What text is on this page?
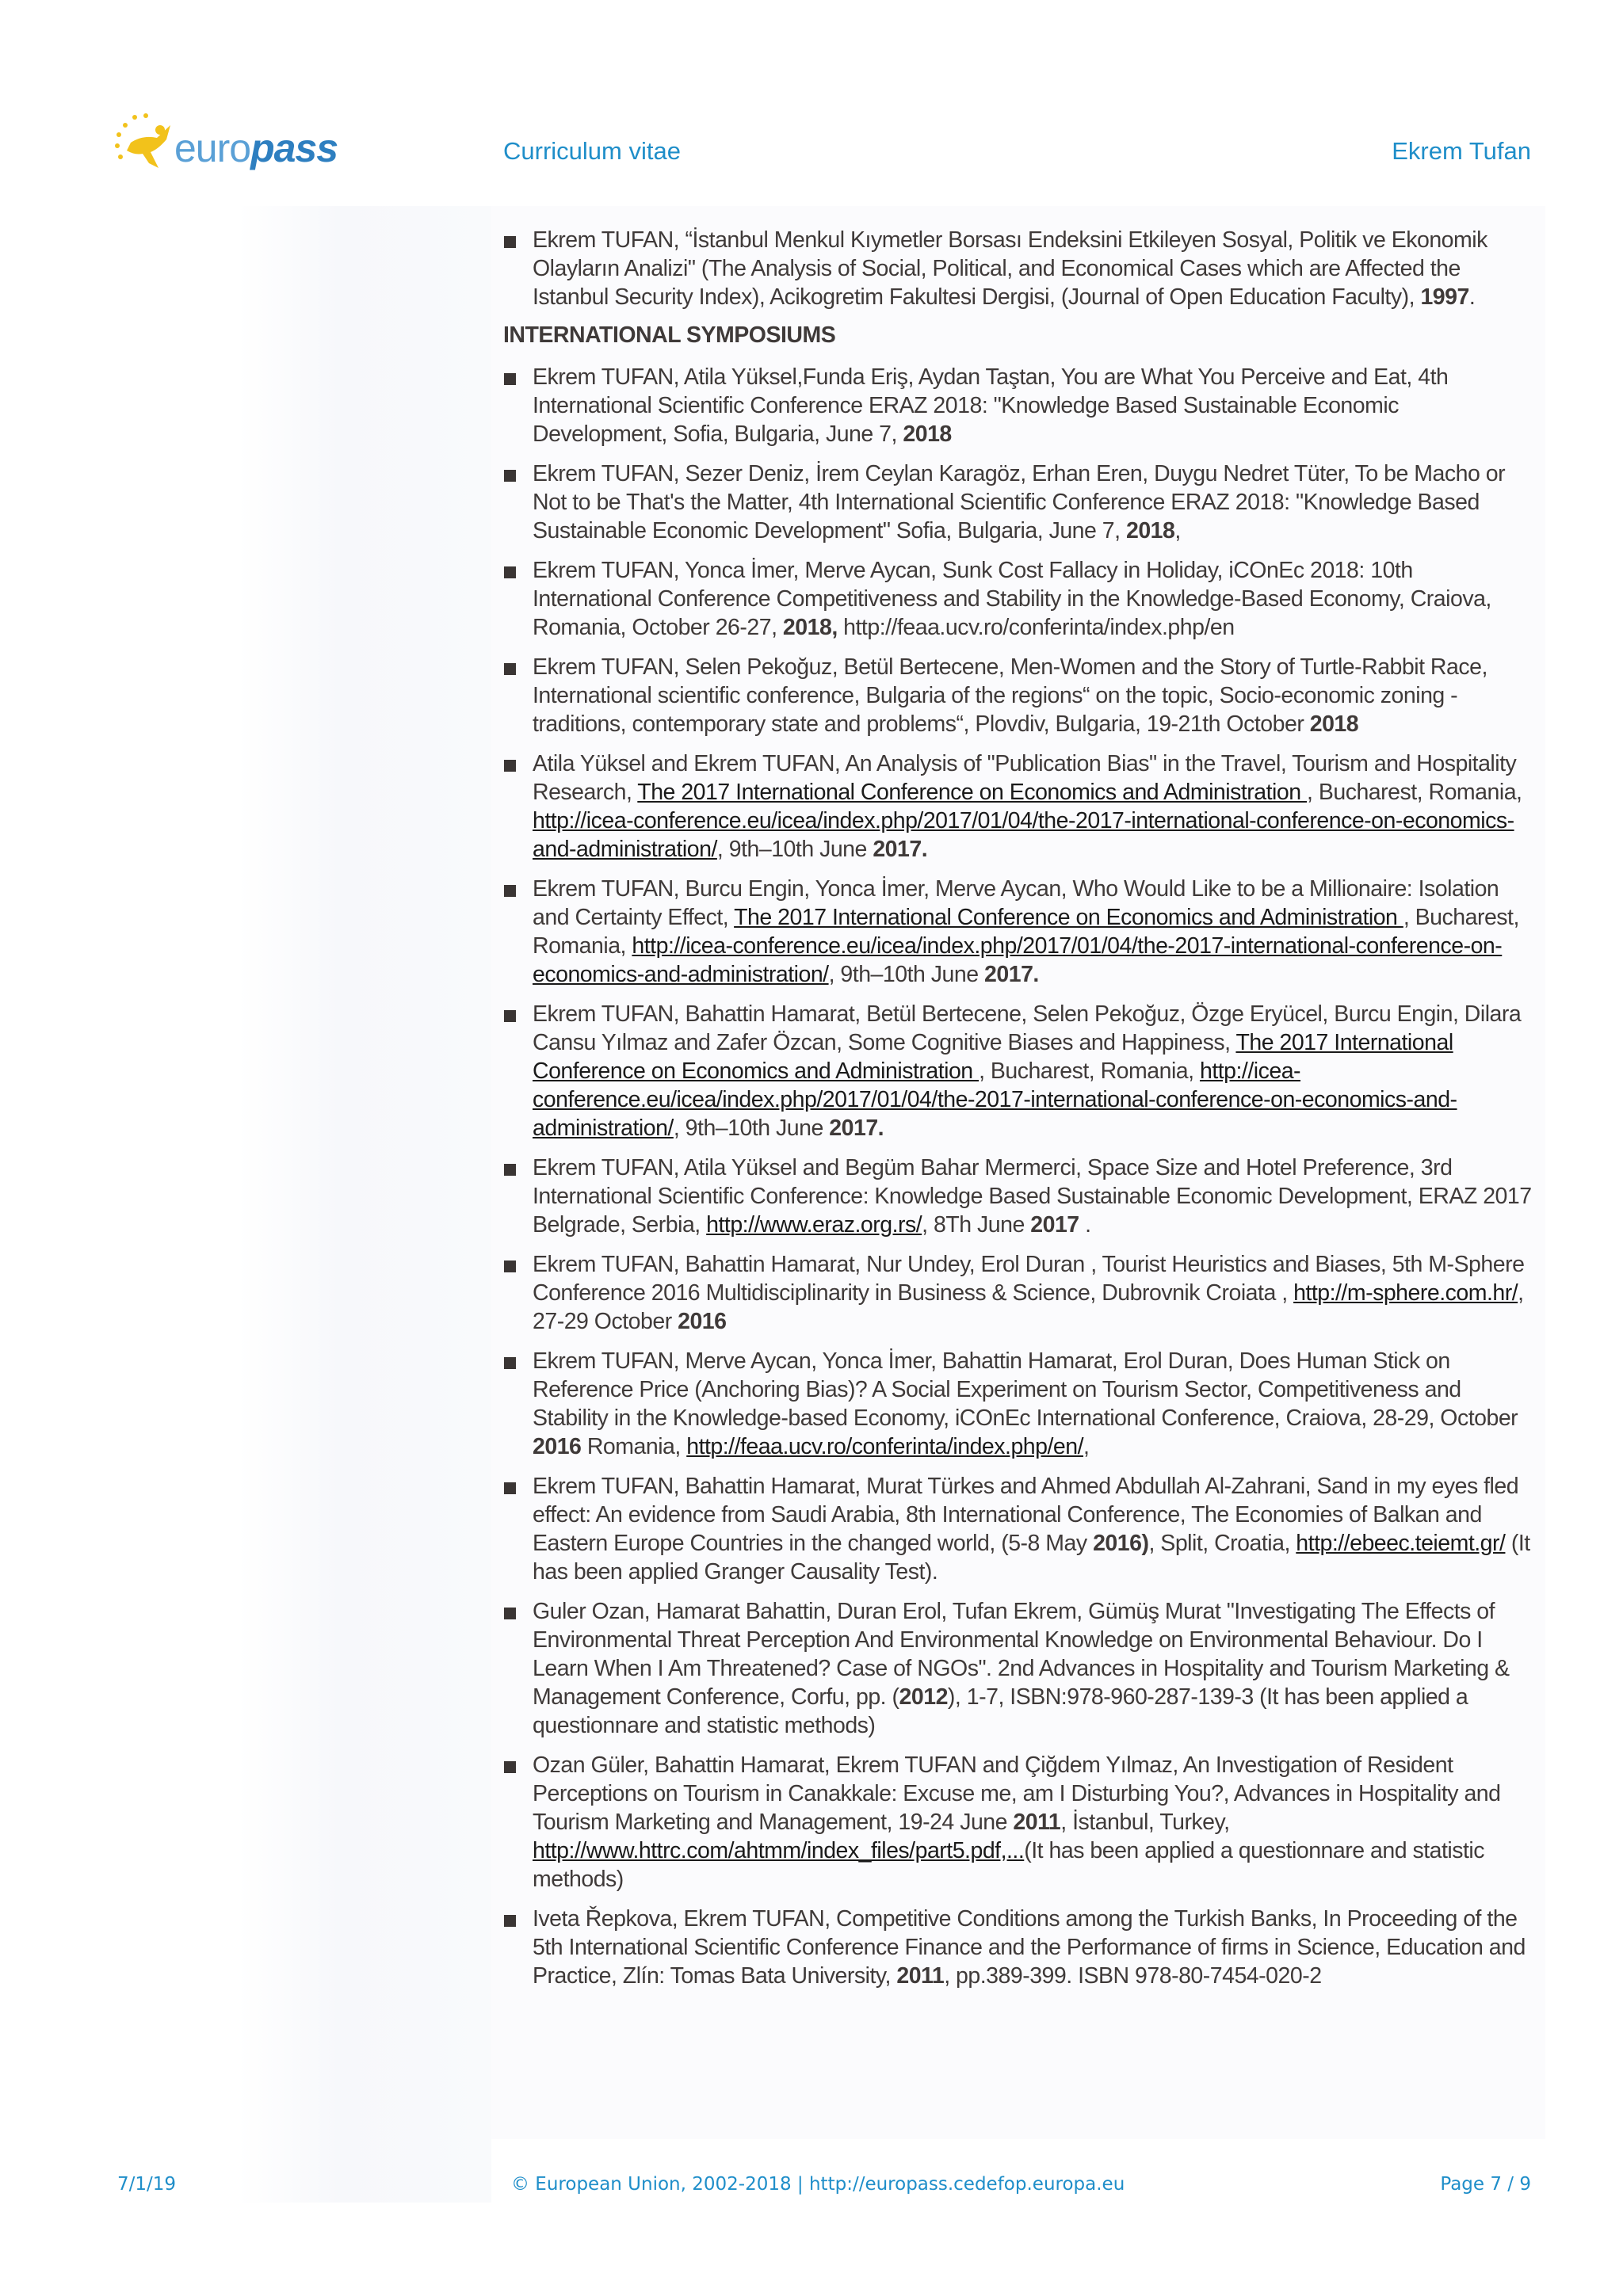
europass	Curriculum vitae	Ekrem Tufan
Ekrem TUFAN, “İstanbul Menkul Kıymetler Borsası Endeksini Etkileyen Sosyal, Politik ve Ekonomik Olayların Analizi" (The Analysis of Social, Political, and Economical Cases which are Affected the Istanbul Security Index), Acikogretim Fakultesi Dergisi, (Journal of Open Education Faculty), 1997.
INTERNATIONAL SYMPOSIUMS
Ekrem TUFAN, Atila Yüksel,Funda Eriş, Aydan Taştan, You are What You Perceive and Eat, 4th International Scientific Conference ERAZ 2018: "Knowledge Based Sustainable Economic Development, Sofia, Bulgaria, June 7, 2018
Ekrem TUFAN, Sezer Deniz, İrem Ceylan Karagöz, Erhan Eren, Duygu Nedret Tüter, To be Macho or Not to be That's the Matter, 4th International Scientific Conference ERAZ 2018: "Knowledge Based Sustainable Economic Development" Sofia, Bulgaria, June 7, 2018,
Ekrem TUFAN, Yonca İmer, Merve Aycan, Sunk Cost Fallacy in Holiday, iCOnEc 2018: 10th International Conference Competitiveness and Stability in the Knowledge-Based Economy, Craiova, Romania, October 26-27, 2018, http://feaa.ucv.ro/conferinta/index.php/en
Ekrem TUFAN, Selen Pekoğuz, Betül Bertecene, Men-Women and the Story of Turtle-Rabbit Race, International scientific conference, Bulgaria of the regions“ on the topic, Socio-economic zoning - traditions, contemporary state and problems“, Plovdiv, Bulgaria, 19-21th October 2018
Atila Yüksel and Ekrem TUFAN, An Analysis of "Publication Bias" in the Travel, Tourism and Hospitality Research, The 2017 International Conference on Economics and Administration , Bucharest, Romania, http://icea-conference.eu/icea/index.php/2017/01/04/the-2017-international-conference-on-economics-and-administration/, 9th–10th June 2017.
Ekrem TUFAN, Burcu Engin, Yonca İmer, Merve Aycan, Who Would Like to be a Millionaire: Isolation and Certainty Effect, The 2017 International Conference on Economics and Administration , Bucharest, Romania, http://icea-conference.eu/icea/index.php/2017/01/04/the-2017-international-conference-on-economics-and-administration/, 9th–10th June 2017.
Ekrem TUFAN, Bahattin Hamarat, Betül Bertecene, Selen Pekoğuz, Özge Eryücel, Burcu Engin, Dilara Cansu Yılmaz and Zafer Özcan, Some Cognitive Biases and Happiness, The 2017 International Conference on Economics and Administration , Bucharest, Romania, http://icea-conference.eu/icea/index.php/2017/01/04/the-2017-international-conference-on-economics-and-administration/, 9th–10th June 2017.
Ekrem TUFAN, Atila Yüksel and Begüm Bahar Mermerci, Space Size and Hotel Preference, 3rd International Scientific Conference: Knowledge Based Sustainable Economic Development, ERAZ 2017 Belgrade, Serbia, http://www.eraz.org.rs/, 8Th June 2017 .
Ekrem TUFAN, Bahattin Hamarat, Nur Undey, Erol Duran , Tourist Heuristics and Biases, 5th M-Sphere Conference 2016 Multidisciplinarity in Business & Science, Dubrovnik Croiata , http://m-sphere.com.hr/, 27-29 October 2016
Ekrem TUFAN, Merve Aycan, Yonca İmer, Bahattin Hamarat, Erol Duran, Does Human Stick on Reference Price (Anchoring Bias)? A Social Experiment on Tourism Sector, Competitiveness and Stability in the Knowledge-based Economy, iCOnEc International Conference, Craiova, 28-29, October 2016 Romania, http://feaa.ucv.ro/conferinta/index.php/en/,
Ekrem TUFAN, Bahattin Hamarat, Murat Türkes and Ahmed Abdullah Al-Zahrani, Sand in my eyes fled effect: An evidence from Saudi Arabia, 8th International Conference, The Economies of Balkan and Eastern Europe Countries in the changed world, (5-8 May 2016), Split, Croatia, http://ebeec.teiemt.gr/ (It has been applied Granger Causality Test).
Guler Ozan, Hamarat Bahattin, Duran Erol, Tufan Ekrem, Gümüş Murat "Investigating The Effects of Environmental Threat Perception And Environmental Knowledge on Environmental Behaviour. Do I Learn When I Am Threatened? Case of NGOs". 2nd Advances in Hospitality and Tourism Marketing & Management Conference, Corfu, pp. (2012), 1-7, ISBN:978-960-287-139-3 (It has been applied a questionnare and statistic methods)
Ozan Güler, Bahattin Hamarat, Ekrem TUFAN and Çiğdem Yılmaz, An Investigation of Resident Perceptions on Tourism in Canakkale: Excuse me, am I Disturbing You?, Advances in Hospitality and Tourism Marketing and Management, 19-24 June 2011, İstanbul, Turkey, http://www.httrc.com/ahtmm/index_files/part5.pdf,...(It has been applied a questionnare and statistic methods)
Iveta Řepkova, Ekrem TUFAN, Competitive Conditions among the Turkish Banks, In Proceeding of the 5th International Scientific Conference Finance and the Performance of firms in Science, Education and Practice, Zlín: Tomas Bata University, 2011, pp.389-399. ISBN 978-80-7454-020-2
7/1/19	© European Union, 2002-2018 | http://europass.cedefop.europa.eu	Page 7 / 9
